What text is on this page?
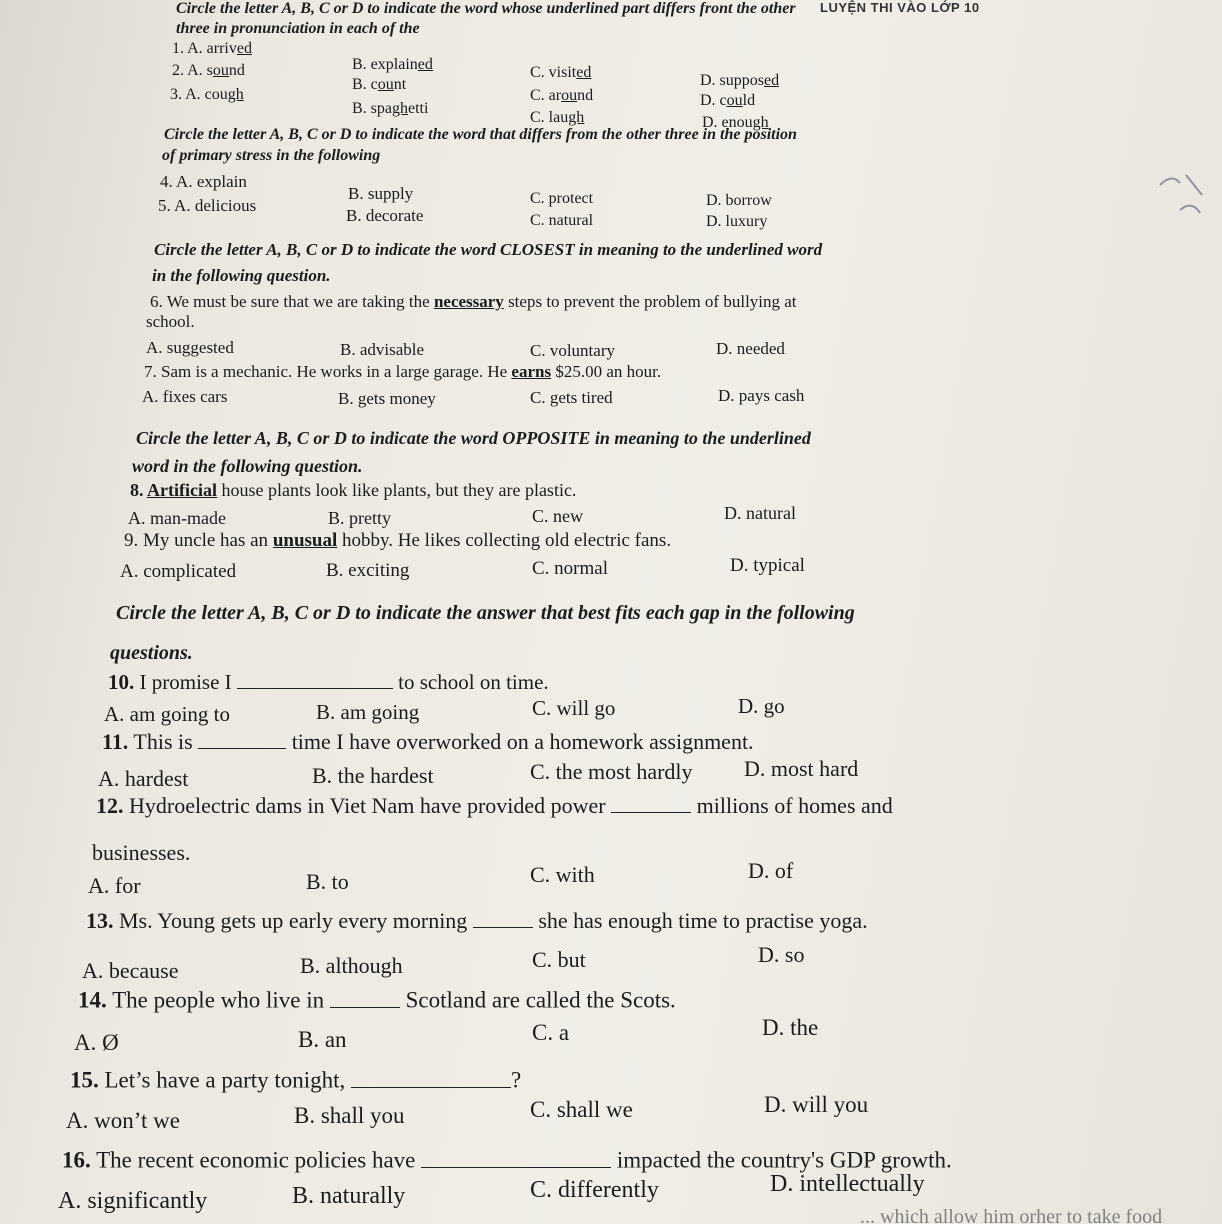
LUYỆN THI VÀO LỚP 10
Circle the letter A, B, C or D to indicate the word whose underlined part differs front the other
three in pronunciation in each of the
1. A. arrived
B. explained	C. visited	D. supposed
2. A. sound
B. count
C. around	D. could
3. A. cough
B. spaghetti
C. laugh	D. enough
Circle the letter A, B, C or D to indicate the word that differs from the other three in the position
of primary stress in the following
4. A. explain
B. supply	C. protect	D. borrow
5. A. delicious
B. decorate	C. natural	D. luxury
Circle the letter A, B, C or D to indicate the word CLOSEST in meaning to the underlined word
in the following question.
6. We must be sure that we are taking the necessary steps to prevent the problem of bullying at
school.
A. suggested	B. advisable	C. voluntary	D. needed
7. Sam is a mechanic. He works in a large garage. He earns $25.00 an hour.
A. fixes cars	B. gets money	C. gets tired	D. pays cash
Circle the letter A, B, C or D to indicate the word OPPOSITE in meaning to the underlined
word in the following question.
8. Artificial house plants look like plants, but they are plastic.
A. man-made	B. pretty	C. new	D. natural
9. My uncle has an unusual hobby. He likes collecting old electric fans.
A. complicated	B. exciting	C. normal	D. typical
Circle the letter A, B, C or D to indicate the answer that best fits each gap in the following
questions.
10. I promise I	to school on time.
A. am going to	B. am going	C. will go	D. go
11. This is	time I have overworked on a homework assignment.
A. hardest	B. the hardest	C. the most hardly D. most hard
12. Hydroelectric dams in Viet Nam have provided power	millions of homes and
businesses.
A. for	B. to	C. with	D. of
13. Ms. Young gets up early every morning	she has enough time to practise yoga.
A. because	B. although	C. but	D. so
14. The people who live in	Scotland are called the Scots.
A. Ø	B. an	C. a	D. the
15. Let’s have a party tonight,	?
A. won’t we	B. shall you	C. shall we	D. will you
16. The recent economic policies have	impacted the country's GDP growth.
A. significantly	B. naturally	C. differently	D. intellectually
... which allow him orher to take food
